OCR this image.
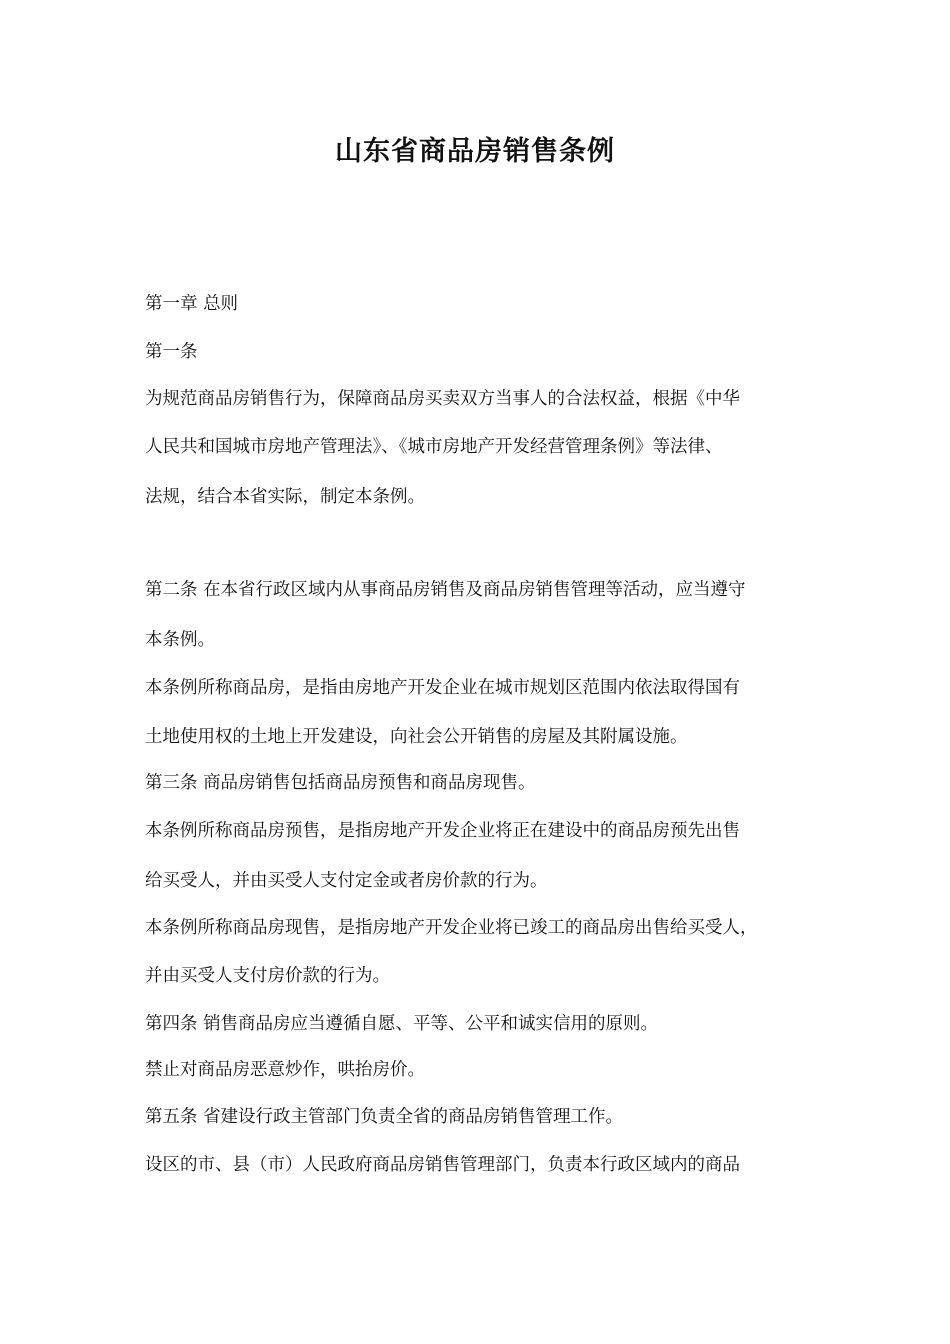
山东省商品房销售条例
第一章 总则
第一条
为规范商品房销售行为，保障商品房买卖双方当事人的合法权益，根据《中华
人民共和国城市房地产管理法》、《城市房地产开发经营管理条例》等法律、
法规，结合本省实际，制定本条例。
第二条 在本省行政区域内从事商品房销售及商品房销售管理等活动，应当遵守
本条例。
本条例所称商品房，是指由房地产开发企业在城市规划区范围内依法取得国有
土地使用权的土地上开发建设，向社会公开销售的房屋及其附属设施。
第三条 商品房销售包括商品房预售和商品房现售。
本条例所称商品房预售，是指房地产开发企业将正在建设中的商品房预先出售
给买受人，并由买受人支付定金或者房价款的行为。
本条例所称商品房现售，是指房地产开发企业将已竣工的商品房出售给买受人，
并由买受人支付房价款的行为。
第四条 销售商品房应当遵循自愿、平等、公平和诚实信用的原则。
禁止对商品房恶意炒作，哄抬房价。
第五条 省建设行政主管部门负责全省的商品房销售管理工作。
设区的市、县（市）人民政府商品房销售管理部门，负责本行政区域内的商品
